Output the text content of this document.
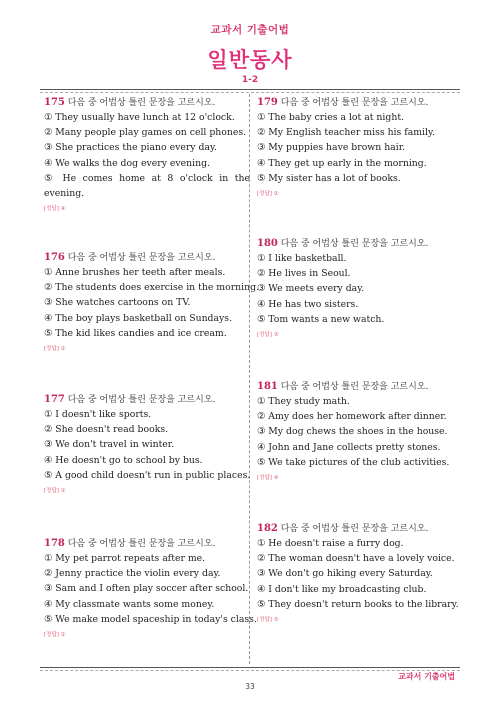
교과서 기출어법
일반동사
1-2
175 다음 중 어법상 틀린 문장을 고르시오.
① They usually have lunch at 12 o'clock.
② Many people play games on cell phones.
③ She practices the piano every day.
④ We walks the dog every evening.
⑤ He comes home at 8 o'clock in the evening.
[정답] ④
176 다음 중 어법상 틀린 문장을 고르시오.
① Anne brushes her teeth after meals.
② The students does exercise in the morning.
③ She watches cartoons on TV.
④ The boy plays basketball on Sundays.
⑤ The kid likes candies and ice cream.
[정답] ②
177 다음 중 어법상 틀린 문장을 고르시오.
① I doesn't like sports.
② She doesn't read books.
③ We don't travel in winter.
④ He doesn't go to school by bus.
⑤ A good child doesn't run in public places.
[정답] ①
178 다음 중 어법상 틀린 문장을 고르시오.
① My pet parrot repeats after me.
② Jenny practice the violin every day.
③ Sam and I often play soccer after school.
④ My classmate wants some money.
⑤ We make model spaceship in today's class.
[정답] ②
179 다음 중 어법상 틀린 문장을 고르시오.
① The baby cries a lot at night.
② My English teacher miss his family.
③ My puppies have brown hair.
④ They get up early in the morning.
⑤ My sister has a lot of books.
[정답] ②
180 다음 중 어법상 틀린 문장을 고르시오.
① I like basketball.
② He lives in Seoul.
③ We meets every day.
④ He has two sisters.
⑤ Tom wants a new watch.
[정답] ③
181 다음 중 어법상 틀린 문장을 고르시오.
① They study math.
② Amy does her homework after dinner.
③ My dog chews the shoes in the house.
④ John and Jane collects pretty stones.
⑤ We take pictures of the club activities.
[정답] ④
182 다음 중 어법상 틀린 문장을 고르시오.
① He doesn't raise a furry dog.
② The woman doesn't have a lovely voice.
③ We don't go hiking every Saturday.
④ I don't like my broadcasting club.
⑤ They doesn't return books to the library.
[정답] ⑤
교과서 기출어법
33
